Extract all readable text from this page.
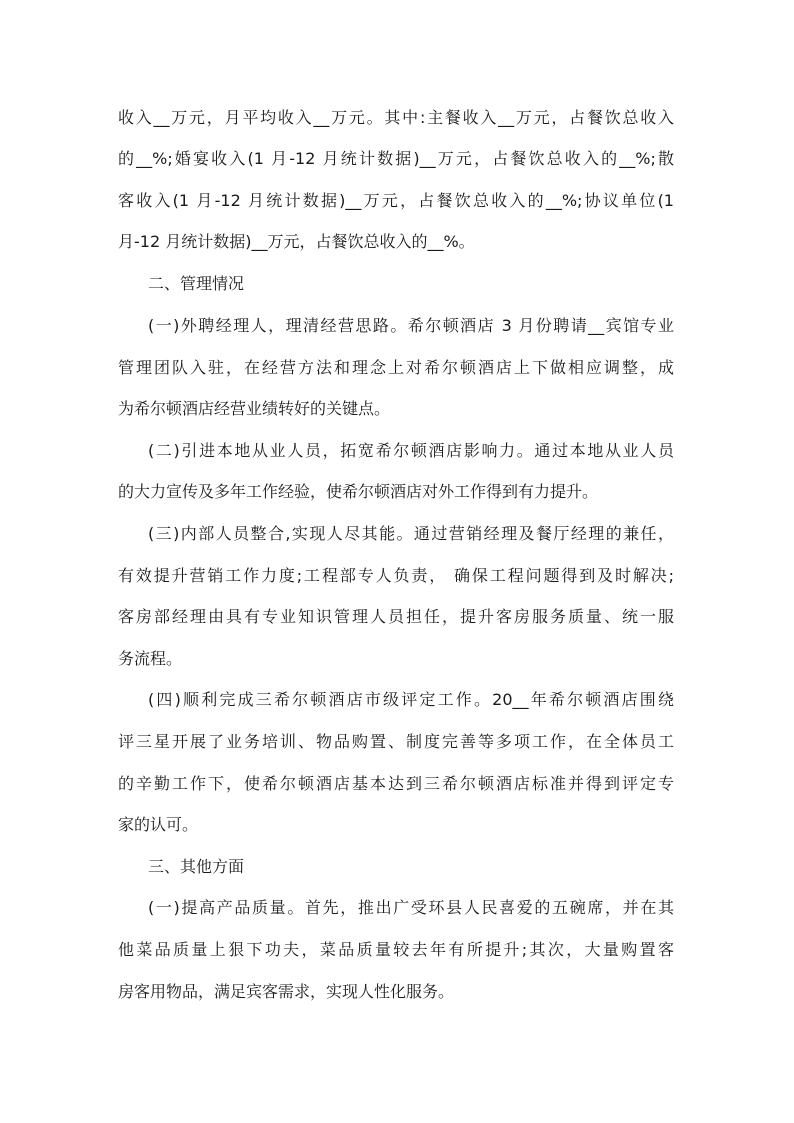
收入__万元，月平均收入__万元。其中:主餐收入__万元，占餐饮总收入
的__%;婚宴收入(1 月-12 月统计数据)__万元，占餐饮总收入的__%;散
客收入(1 月-12 月统计数据)__万元，占餐饮总收入的__%;协议单位(1
月-12 月统计数据)__万元，占餐饮总收入的__%。
二、管理情况
(一)外聘经理人，理清经营思路。希尔顿酒店 3 月份聘请__宾馆专业
管理团队入驻，在经营方法和理念上对希尔顿酒店上下做相应调整，成
为希尔顿酒店经营业绩转好的关键点。
(二)引进本地从业人员，拓宽希尔顿酒店影响力。通过本地从业人员
的大力宣传及多年工作经验，使希尔顿酒店对外工作得到有力提升。
(三)内部人员整合,实现人尽其能。通过营销经理及餐厅经理的兼任，
有效提升营销工作力度;工程部专人负责， 确保工程问题得到及时解决;
客房部经理由具有专业知识管理人员担任，提升客房服务质量、统一服
务流程。
(四)顺利完成三希尔顿酒店市级评定工作。20__年希尔顿酒店围绕
评三星开展了业务培训、物品购置、制度完善等多项工作，在全体员工
的辛勤工作下，使希尔顿酒店基本达到三希尔顿酒店标准并得到评定专
家的认可。
三、其他方面
(一)提高产品质量。首先，推出广受环县人民喜爱的五碗席，并在其
他菜品质量上狠下功夫，菜品质量较去年有所提升;其次，大量购置客
房客用物品，满足宾客需求，实现人性化服务。
